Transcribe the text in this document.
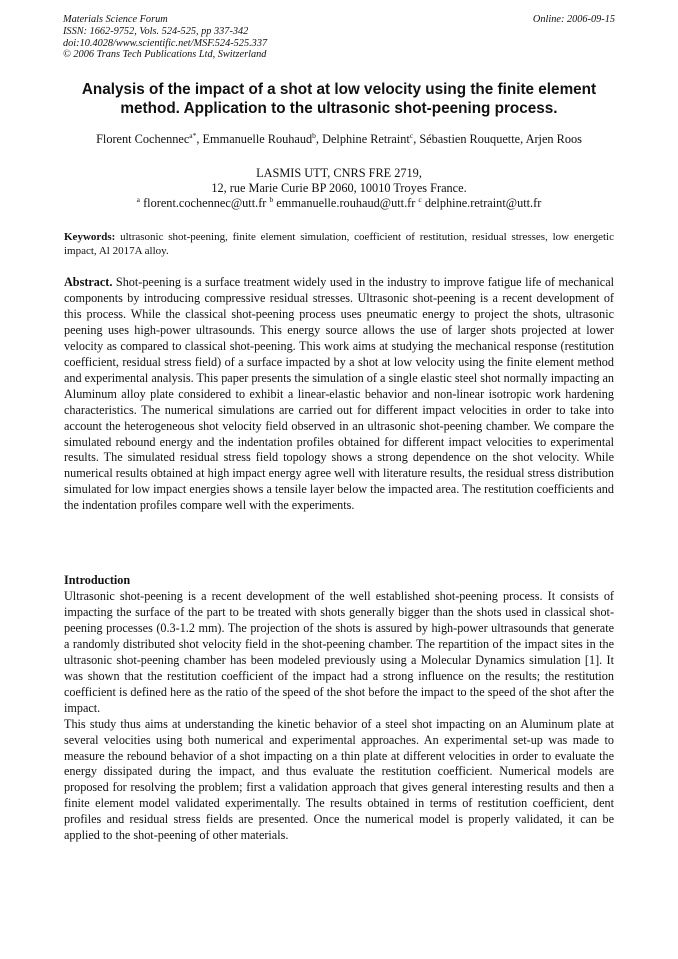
Materials Science Forum
ISSN: 1662-9752, Vols. 524-525, pp 337-342
doi:10.4028/www.scientific.net/MSF.524-525.337
© 2006 Trans Tech Publications Ltd, Switzerland
Online: 2006-09-15
Analysis of the impact of a shot at low velocity using the finite element method. Application to the ultrasonic shot-peening process.
Florent Cochennec$^{a*}$, Emmanuelle Rouhaud$^b$, Delphine Retraint$^c$, Sébastien Rouquette, Arjen Roos
LASMIS UTT, CNRS FRE 2719,
12, rue Marie Curie BP 2060, 10010 Troyes France.
$^a$ florent.cochennec@utt.fr $^b$ emmanuelle.rouhaud@utt.fr $^c$ delphine.retraint@utt.fr
Keywords: ultrasonic shot-peening, finite element simulation, coefficient of restitution, residual stresses, low energetic impact, Al 2017A alloy.
Abstract. Shot-peening is a surface treatment widely used in the industry to improve fatigue life of mechanical components by introducing compressive residual stresses. Ultrasonic shot-peening is a recent development of this process. While the classical shot-peening process uses pneumatic energy to project the shots, ultrasonic peening uses high-power ultrasounds. This energy source allows the use of larger shots projected at lower velocity as compared to classical shot-peening. This work aims at studying the mechanical response (restitution coefficient, residual stress field) of a surface impacted by a shot at low velocity using the finite element method and experimental analysis. This paper presents the simulation of a single elastic steel shot normally impacting an Aluminum alloy plate considered to exhibit a linear-elastic behavior and non-linear isotropic work hardening characteristics. The numerical simulations are carried out for different impact velocities in order to take into account the heterogeneous shot velocity field observed in an ultrasonic shot-peening chamber. We compare the simulated rebound energy and the indentation profiles obtained for different impact velocities to experimental results. The simulated residual stress field topology shows a strong dependence on the shot velocity. While numerical results obtained at high impact energy agree well with literature results, the residual stress distribution simulated for low impact energies shows a tensile layer below the impacted area. The restitution coefficients and the indentation profiles compare well with the experiments.
Introduction

Ultrasonic shot-peening is a recent development of the well established shot-peening process. It consists of impacting the surface of the part to be treated with shots generally bigger than the shots used in classical shot-peening processes (0.3-1.2 mm). The projection of the shots is assured by high-power ultrasounds that generate a randomly distributed shot velocity field in the shot-peening chamber. The repartition of the impact sites in the ultrasonic shot-peening chamber has been modeled previously using a Molecular Dynamics simulation [1]. It was shown that the restitution coefficient of the impact had a strong influence on the results; the restitution coefficient is defined here as the ratio of the speed of the shot before the impact to the speed of the shot after the impact.

This study thus aims at understanding the kinetic behavior of a steel shot impacting on an Aluminum plate at several velocities using both numerical and experimental approaches. An experimental set-up was made to measure the rebound behavior of a shot impacting on a thin plate at different velocities in order to evaluate the energy dissipated during the impact, and thus evaluate the restitution coefficient. Numerical models are proposed for resolving the problem; first a validation approach that gives general interesting results and then a finite element model validated experimentally. The results obtained in terms of restitution coefficient, dent profiles and residual stress fields are presented. Once the numerical model is properly validated, it can be applied to the shot-peening of other materials.
